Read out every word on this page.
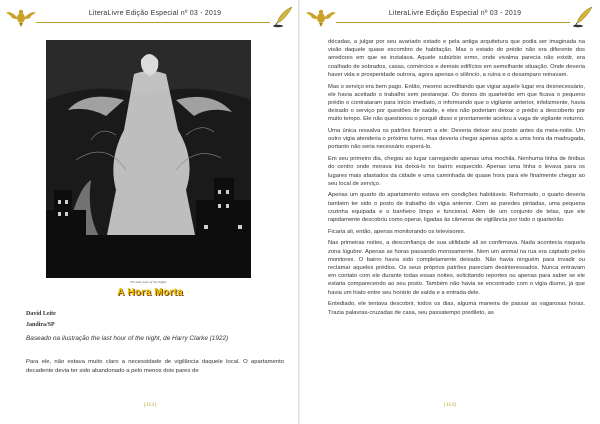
LiteraLivre Edição Especial nº 03 - 2019
The last hour of the Night.
A Hora Morta
David Leite
Jandira/SP
Baseado na ilustração the last hour of the night, de Harry Clarke (1922)

Para ele, não estava muito claro a necessidade de vigilância daquele local. O apartamento decadente devia ter sido abandonado a pelo menos dois pares de

[113]
LiteraLivre Edição Especial nº 03 - 2019
[114]

décadas, a julgar por seu avariado estado e pela antiga arquitetura que podia ser imaginada na visão daquele quase escombro de habitação. Mas o estado do prédio não era diferente dos arredores em que se instalava. Aquele subúrbio ermo, onde vivalma parecia não existir, era coalhado de sobrados, casas, comércios e demais edifícios em semelhante situação. Onde deveria haver vida e prosperidade outrora, agora apenas o silêncio, a ruína e o desamparo reinavam.

Mas o serviço era bem pago. Então, mesmo acreditando que vigiar aquele lugar era desnecessário, ele havia aceitado o trabalho sem pestanejar. Os donos do quarteirão em que ficava o pequeno prédio o contrataram para início imediato, o informando que o vigilante anterior, infelizmente, havia deixado o serviço por questões de saúde, e eles não poderiam deixar o prédio a descoberto por muito tempo. Ele não questionou o porquê disso e prontamente aceitou a vaga de vigilante noturno.

Uma única ressalva os patrões fizeram a ele: Deveria deixar seu posto antes da meia-noite. Um outro vigia atenderia o próximo turno, mas deveria chegar apenas após a uma hora da madrugada, portanto não seria necessário esperá-lo.

Em seu primeiro dia, chegou ao lugar carregando apenas uma mochila. Nenhuma linha de ônibus do centro onde morava iria deixá-lo no bairro esquecido. Apenas uma linha o levava para os lugares mais afastados da cidade e uma caminhada de quase hora para ele finalmente chegar ao seu local de serviço.

Apenas um quarto do apartamento estava em condições habitáveis. Reformado, o quarto deveria também ter sido o posto de trabalho do vigia anterior. Com as paredes pintadas, uma pequena cozinha equipada e o banheiro limpo e funcional. Além de um conjunto de telas, que ele rapidamente descobriu como operar, ligadas às câmeras de vigilância por todo o quarteirão.

Ficaria ali, então, apenas monitorando os televisores.

Nas primeiras noites, a desconfiança de sua utilidade ali se confirmava. Nada acontecia naquela zona lúgubre. Apenas as horas passando morosamente. Nem um animal na rua era captado pelos monitores. O bairro havia sido completamente deixado. Não havia ninguém para invadir ou reclamar aqueles prédios. Os seus próprios patrões pareciam desinteressados. Nunca entravam em contato com ele durante todas essas noites, solicitando reportes ou apenas para saber se ele estaria comparecendo ao seu posto. Também não havia se encontrado com o vigia diurno, já que havia um hiato entre seu horário de saída e a entrada dele.

Entediado, ele tentava descobrir, todos os dias, alguma maneira de passar as vagarosas horas. Trazia palavras-cruzadas de casa, seu passatempo predileto, as
